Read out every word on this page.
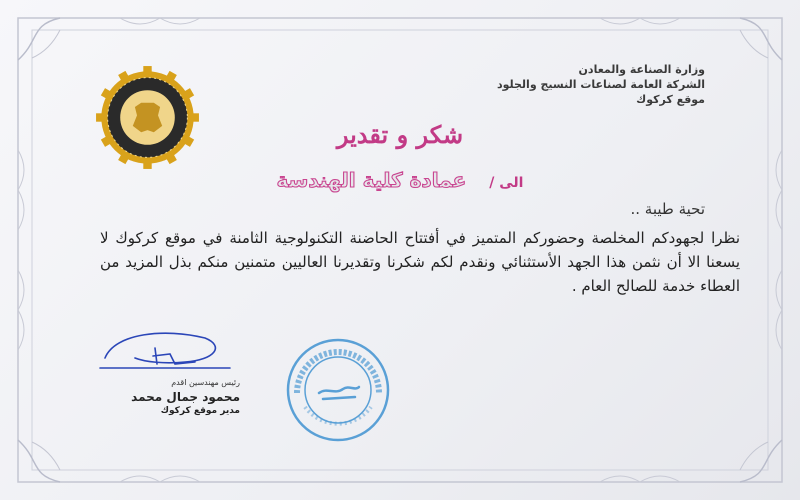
وزارة الصناعة والمعادن
الشركة العامة لصناعات النسيج والجلود
موقع كركوك
شكر و تقدير
الى / عمادة كلية الهندسة
تحية طيبة ..
نظرا لجهودكم المخلصة وحضوركم المتميز في أفتتاح الحاضنة التكنولوجية الثامنة في موقع كركوك لا يسعنا الا أن نثمن هذا الجهد الأستثنائي ونقدم لكم شكرنا وتقديرنا العاليين متمنين منكم بذل المزيد من العطاء خدمة للصالح العام .
رئيس مهندسين اقدم
محمود جمال محمد
مدير موقع كركوك
